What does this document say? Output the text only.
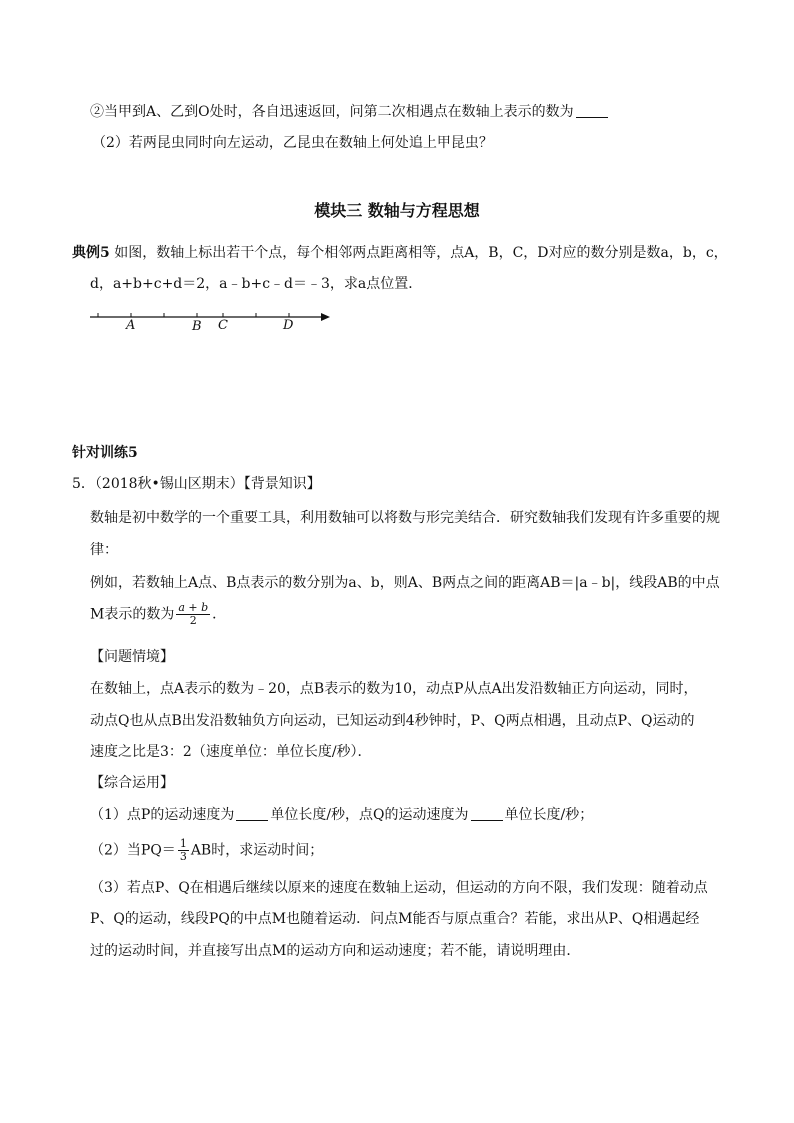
②当甲到A、乙到O处时，各自迅速返回，问第二次相遇点在数轴上表示的数为
（2）若两昆虫同时向左运动，乙昆虫在数轴上何处追上甲昆虫？
模块三 数轴与方程思想
典例5 如图，数轴上标出若干个点，每个相邻两点距离相等，点A，B，C，D对应的数分别是数a，b，c，
d，a+b+c+d＝2，a﹣b+c﹣d＝﹣3，求a点位置．
A	B C	D
针对训练5
5．（2018秋•锡山区期末）【背景知识】
数轴是初中数学的一个重要工具，利用数轴可以将数与形完美结合．研究数轴我们发现有许多重要的规
律：
例如，若数轴上A点、B点表示的数分别为a、b，则A、B两点之间的距离AB＝|a﹣b|，线段AB的中点
M表示的数为 $\frac{a + b}{2}$ ．
【问题情境】
在数轴上，点A表示的数为﹣20，点B表示的数为10，动点P从点A出发沿数轴正方向运动，同时，
动点Q也从点B出发沿数轴负方向运动，已知运动到4秒钟时，P、Q两点相遇，且动点P、Q运动的
速度之比是3：2（速度单位：单位长度/秒）．
【综合运用】
（1）点P的运动速度为	单位长度/秒，点Q的运动速度为	单位长度/秒；
（2）当$PQ= \frac{1}{3}$ AB时，求运动时间；
（3）若点P、Q在相遇后继续以原来的速度在数轴上运动，但运动的方向不限，我们发现：随着动点
P、Q的运动，线段PQ的中点M也随着运动．问点M能否与原点重合？若能，求出从P、Q相遇起经
过的运动时间，并直接写出点M的运动方向和运动速度；若不能，请说明理由．
